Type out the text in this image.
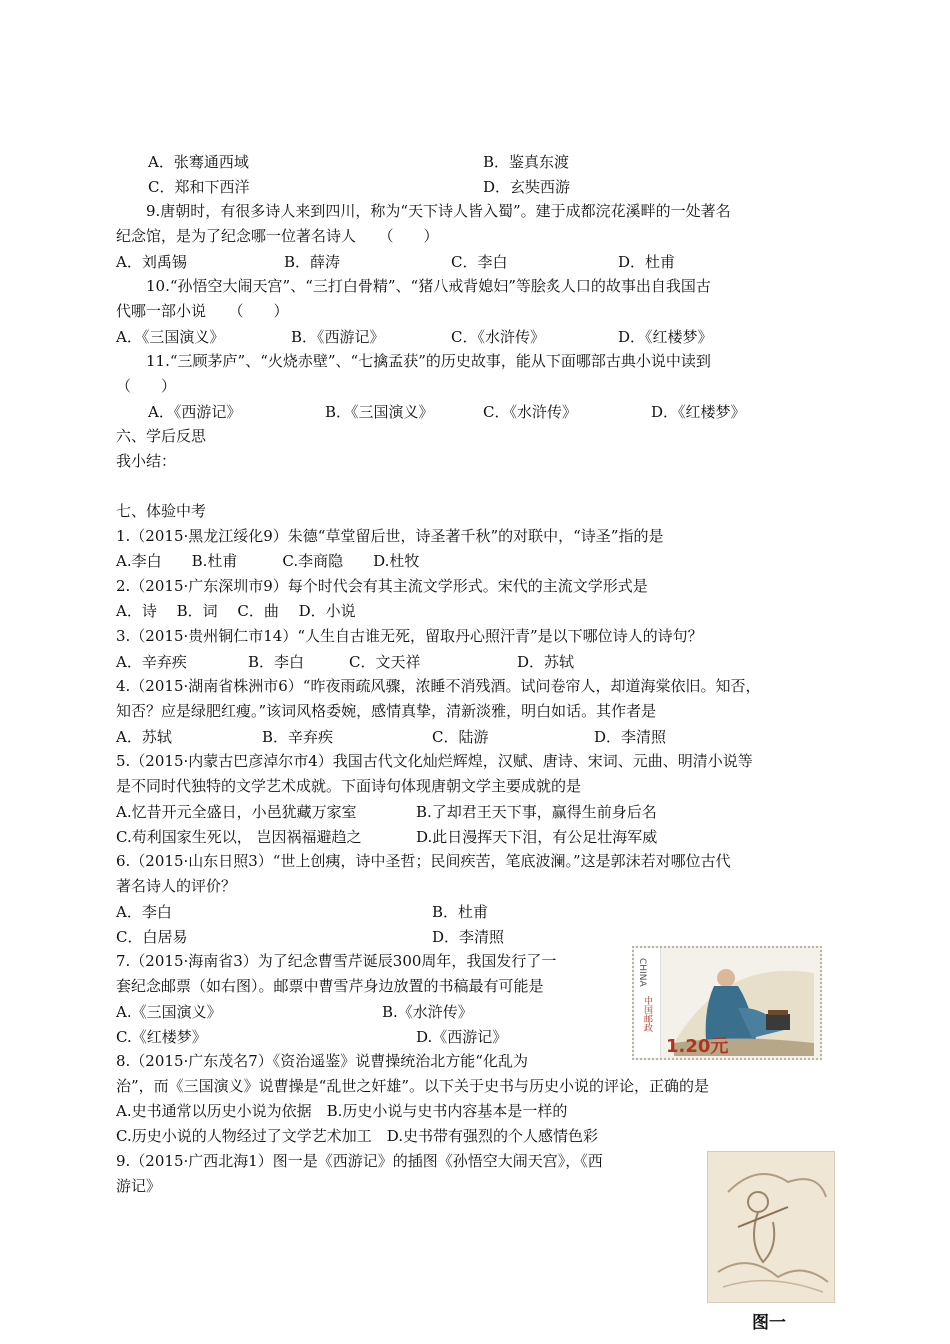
A．张骞通西域	B．鉴真东渡
C．郑和下西洋	D．玄奘西游
　　9.唐朝时，有很多诗人来到四川，称为“天下诗人皆入蜀”。建于成都浣花溪畔的一处著名
纪念馆，是为了纪念哪一位著名诗人　　（　　）
A．刘禹锡	B．薛涛	C．李白	D．杜甫
　　10.“孙悟空大闹天宫”、“三打白骨精”、“猪八戒背媳妇”等脍炙人口的故事出自我国古
代哪一部小说　　（　　）
A．《三国演义》	B．《西游记》	C．《水浒传》	D．《红楼梦》
　　11.“三顾茅庐”、“火烧赤壁”、“七擒孟获”的历史故事，能从下面哪部古典小说中读到
（　　）
A．《西游记》	B．《三国演义》	C．《水浒传》	D．《红楼梦》
六、学后反思
我小结：
七、体验中考
1.（2015·黑龙江绥化9）朱德“草堂留后世，诗圣著千秋”的对联中，“诗圣”指的是
A.李白　　B.杜甫　　　C.李商隐　　D.杜牧
2.（2015·广东深圳市9）每个时代会有其主流文学形式。宋代的主流文学形式是
A．诗　 B．词　 C．曲　 D．小说
3.（2015·贵州铜仁市14）“人生自古谁无死，留取丹心照汗青”是以下哪位诗人的诗句？
A．辛弃疾	B．李白	C．文天祥	D．苏轼
4.（2015·湖南省株洲市6）“昨夜雨疏风骤，浓睡不消残酒。试问卷帘人，却道海棠依旧。知否，
知否？应是绿肥红瘦。”该词风格委婉，感情真挚，清新淡雅，明白如话。其作者是
A．苏轼	B．辛弃疾	C．陆游	D．李清照
5.（2015·内蒙古巴彦淖尔市4）我国古代文化灿烂辉煌，汉赋、唐诗、宋词、元曲、明清小说等
是不同时代独特的文学艺术成就。下面诗句体现唐朝文学主要成就的是
A.忆昔开元全盛日，小邑犹藏万家室	B.了却君王天下事，赢得生前身后名
C.苟利国家生死以， 岂因祸福避趋之	D.此日漫挥天下泪，有公足壮海军威
6.（2015·山东日照3）“世上创痍，诗中圣哲；民间疾苦，笔底波澜。”这是郭沫若对哪位古代
著名诗人的评价？
A．李白	B．杜甫
C．白居易	D．李清照
7.（2015·海南省3）为了纪念曹雪芹诞辰300周年，我国发行了一
套纪念邮票（如右图）。邮票中曹雪芹身边放置的书稿最有可能是
A.《三国演义》	B.《水浒传》
C.《红楼梦》	D.《西游记》
8.（2015·广东茂名7）《资治遥鉴》说曹操统治北方能“化乱为
治”，而《三国演义》说曹操是“乱世之奸雄”。以下关于史书与历史小说的评论，正确的是
A.史书通常以历史小说为依据　B.历史小说与史书内容基本是一样的
C.历史小说的人物经过了文学艺术加工　D.史书带有强烈的个人感情色彩
9.（2015·广西北海1）图一是《西游记》的插图《孙悟空大闹天宫》，《西
游记》
CHINA
中国邮政
1.20元
图一
